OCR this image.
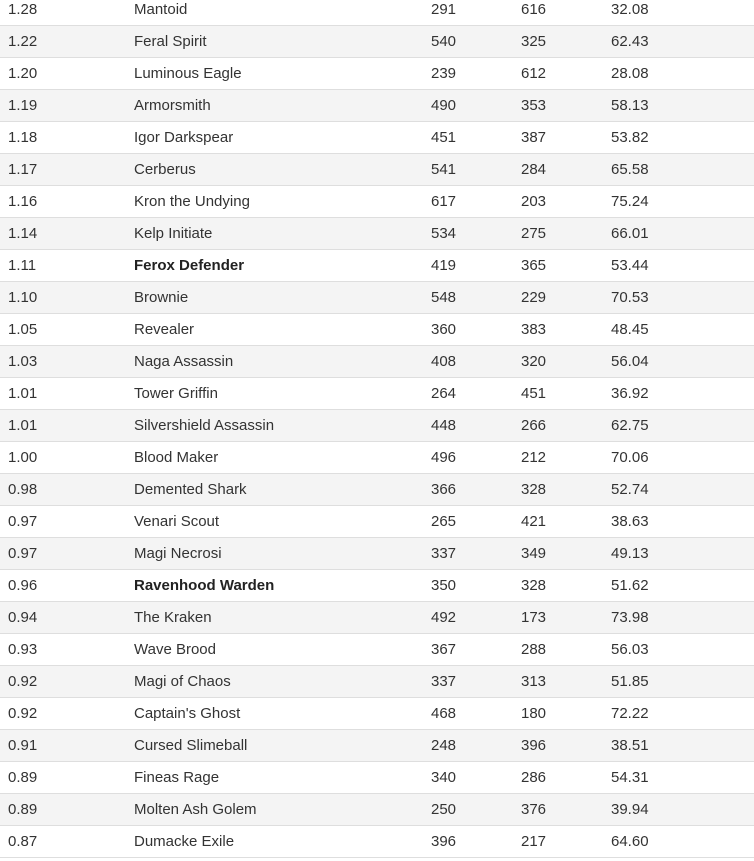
1.28	Mantoid	291	616	32.08
1.22	Feral Spirit	540	325	62.43
1.20	Luminous Eagle	239	612	28.08
1.19	Armorsmith	490	353	58.13
1.18	Igor Darkspear	451	387	53.82
1.17	Cerberus	541	284	65.58
1.16	Kron the Undying	617	203	75.24
1.14	Kelp Initiate	534	275	66.01
1.11	Ferox Defender	419	365	53.44
1.10	Brownie	548	229	70.53
1.05	Revealer	360	383	48.45
1.03	Naga Assassin	408	320	56.04
1.01	Tower Griffin	264	451	36.92
1.01	Silvershield Assassin	448	266	62.75
1.00	Blood Maker	496	212	70.06
0.98	Demented Shark	366	328	52.74
0.97	Venari Scout	265	421	38.63
0.97	Magi Necrosi	337	349	49.13
0.96	Ravenhood Warden	350	328	51.62
0.94	The Kraken	492	173	73.98
0.93	Wave Brood	367	288	56.03
0.92	Magi of Chaos	337	313	51.85
0.92	Captain's Ghost	468	180	72.22
0.91	Cursed Slimeball	248	396	38.51
0.89	Fineas Rage	340	286	54.31
0.89	Molten Ash Golem	250	376	39.94
0.87	Dumacke Exile	396	217	64.60
